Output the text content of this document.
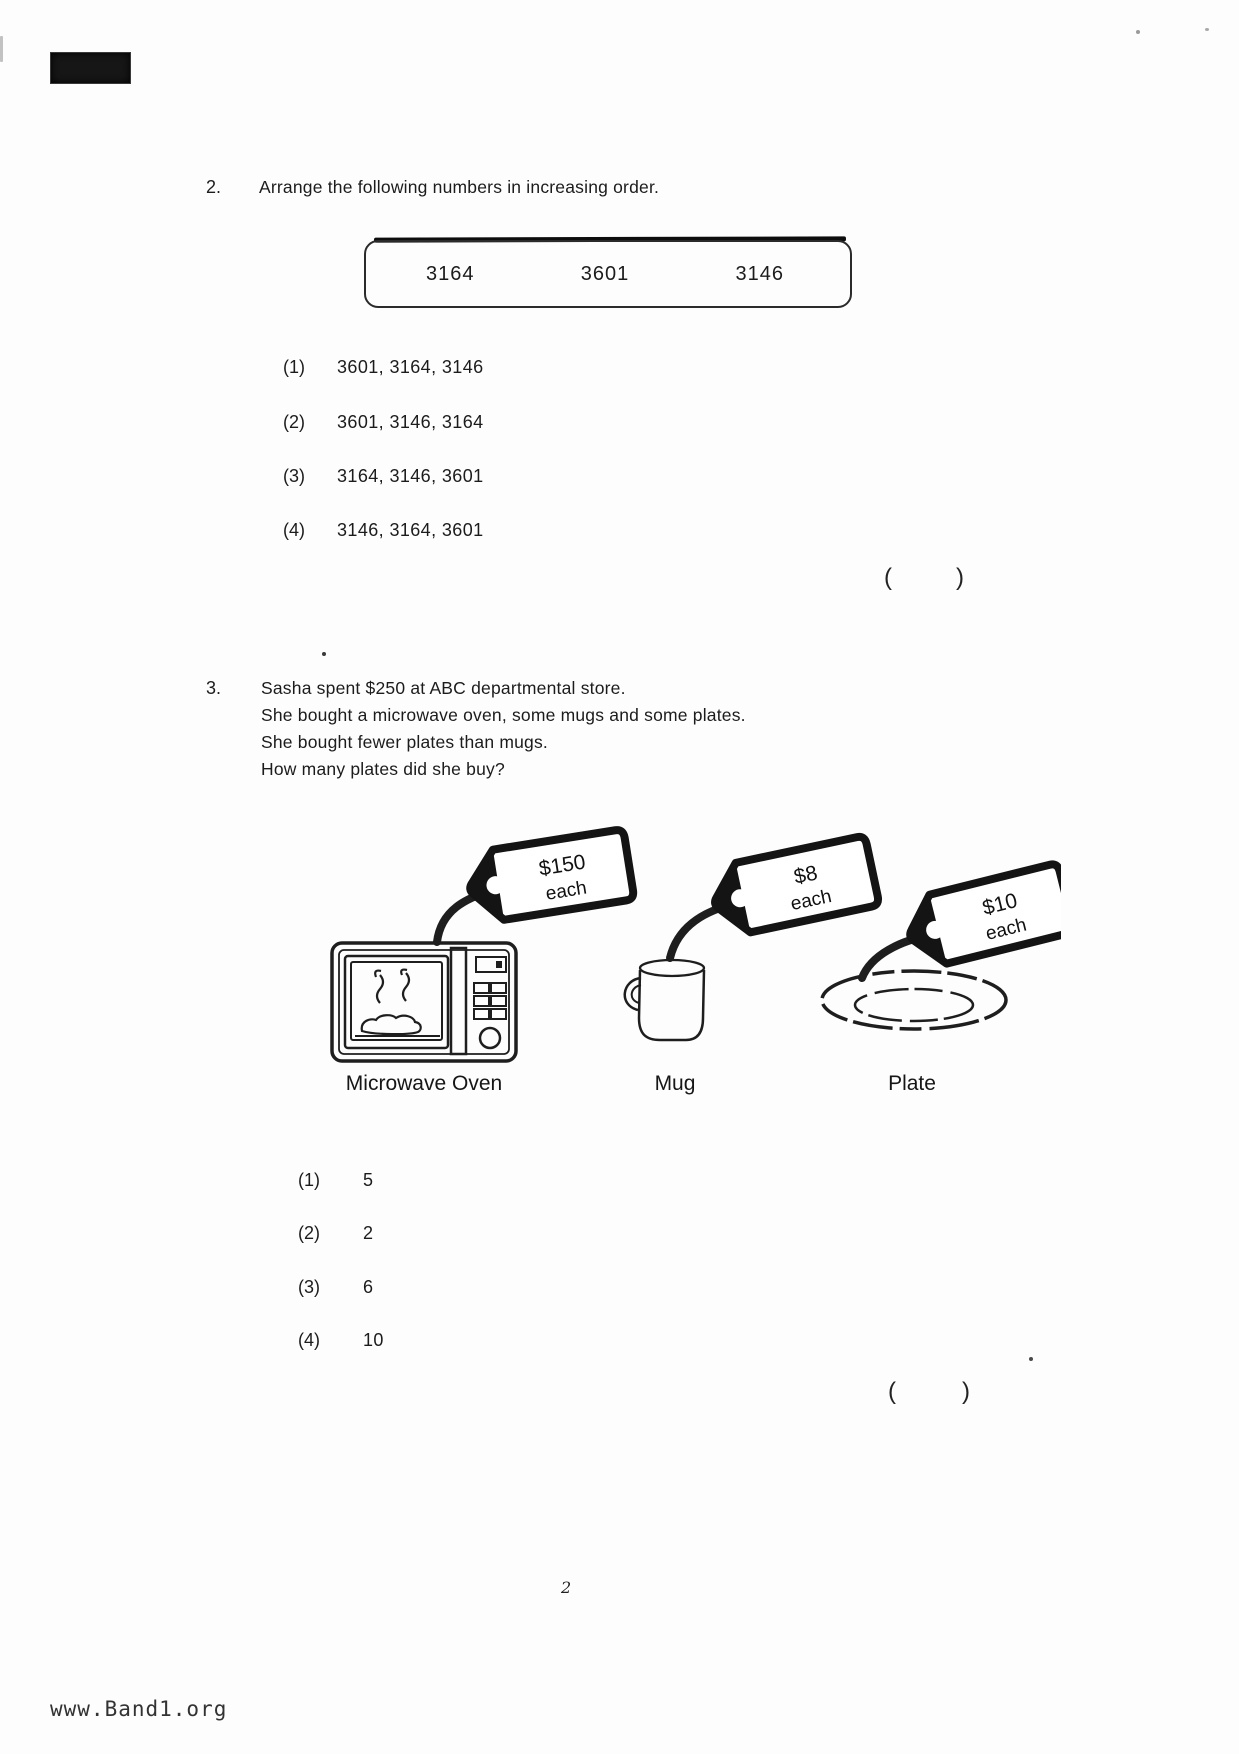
2. Arrange the following numbers in increasing order.
3164	3601	3146
(1) 3601, 3164, 3146
(2) 3601, 3146, 3164
(3) 3164, 3146, 3601
(4) 3146, 3164, 3601
(	)
3. Sasha spent $250 at ABC departmental store.
She bought a microwave oven, some mugs and some plates.
She bought fewer plates than mugs.
How many plates did she buy?
$150
each
$8
each	$10
each
Microwave Oven	Mug	Plate
(1) 5
(2) 2
(3) 6
(4) 10
(	)
2
www.Band1.org
